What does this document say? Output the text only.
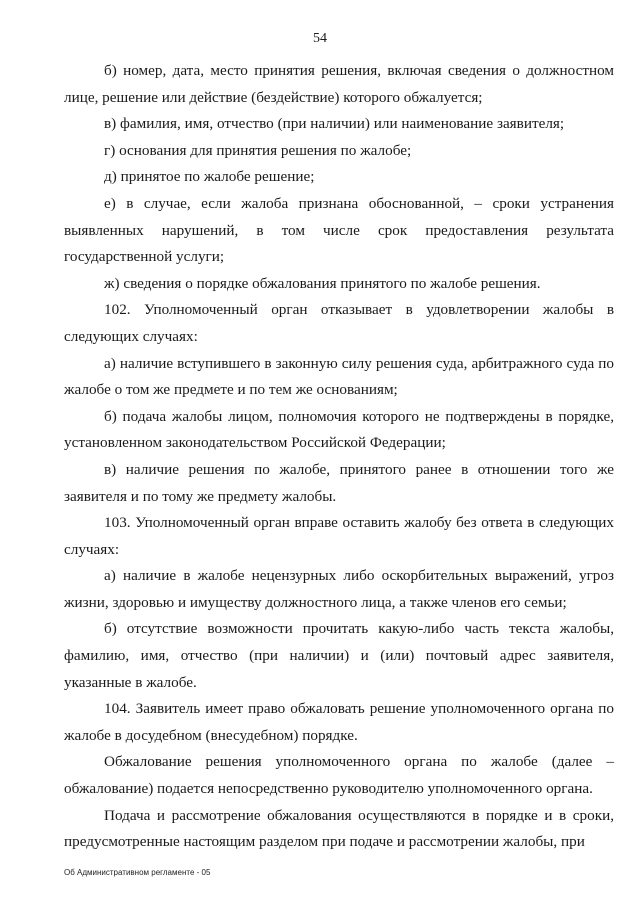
54

б) номер, дата, место принятия решения, включая сведения о должностном лице, решение или действие (бездействие) которого обжалуется;

в) фамилия, имя, отчество (при наличии) или наименование заявителя;

г) основания для принятия решения по жалобе;

д) принятое по жалобе решение;

е) в случае, если жалоба признана обоснованной, – сроки устранения выявленных нарушений, в том числе срок предоставления результата государственной услуги;

ж) сведения о порядке обжалования принятого по жалобе решения.

102. Уполномоченный орган отказывает в удовлетворении жалобы в следующих случаях:

а) наличие вступившего в законную силу решения суда, арбитражного суда по жалобе о том же предмете и по тем же основаниям;

б) подача жалобы лицом, полномочия которого не подтверждены в порядке, установленном законодательством Российской Федерации;

в) наличие решения по жалобе, принятого ранее в отношении того же заявителя и по тому же предмету жалобы.

103. Уполномоченный орган вправе оставить жалобу без ответа в следующих случаях:

а) наличие в жалобе нецензурных либо оскорбительных выражений, угроз жизни, здоровью и имуществу должностного лица, а также членов его семьи;

б) отсутствие возможности прочитать какую-либо часть текста жалобы, фамилию, имя, отчество (при наличии) и (или) почтовый адрес заявителя, указанные в жалобе.

104. Заявитель имеет право обжаловать решение уполномоченного органа по жалобе в досудебном (внесудебном) порядке.

Обжалование решения уполномоченного органа по жалобе (далее – обжалование) подается непосредственно руководителю уполномоченного органа.

Подача и рассмотрение обжалования осуществляются в порядке и в сроки, предусмотренные настоящим разделом при подаче и рассмотрении жалобы, при

Об Административном регламенте - 05
